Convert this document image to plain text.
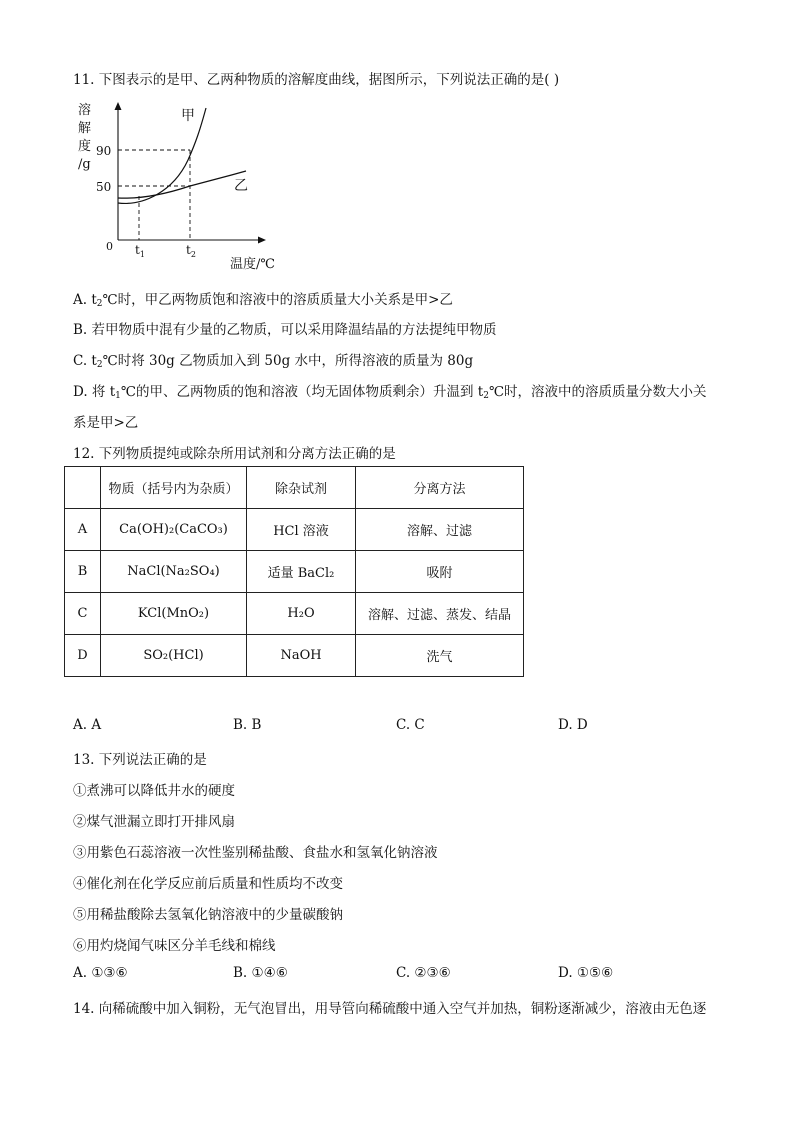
11. 下图表示的是甲、乙两种物质的溶解度曲线，据图所示，下列说法正确的是( )
溶
解
度
/g
90
50
0 $t_1$	$t_2$
甲
乙
温度/℃
A. $t_2℃$时，甲乙两物质饱和溶液中的溶质质量大小关系是甲>乙
B. 若甲物质中混有少量的乙物质，可以采用降温结晶的方法提纯甲物质
C. $t_2℃$时将 30g 乙物质加入到 50g 水中，所得溶液的质量为 80g
D. 将 $t_1℃$的甲、乙两物质的饱和溶液（均无固体物质剩余）升温到 $t_2℃$时，溶液中的溶质质量分数大小关
系是甲>乙
12. 下列物质提纯或除杂所用试剂和分离方法正确的是
	物质（括号内为杂质）	除杂试剂	分离方法
A	Ca(OH)₂(CaCO₃)	HCl 溶液	溶解、过滤
B	NaCl(Na₂SO₄)	适量 BaCl₂	吸附
C	KCl(MnO₂)	H₂O	溶解、过滤、蒸发、结晶
D	SO₂(HCl)	NaOH	洗气
A. A	B. B	C. C	D. D
13. 下列说法正确的是
①煮沸可以降低井水的硬度
②煤气泄漏立即打开排风扇
③用紫色石蕊溶液一次性鉴别稀盐酸、食盐水和氢氧化钠溶液
④催化剂在化学反应前后质量和性质均不改变
⑤用稀盐酸除去氢氧化钠溶液中的少量碳酸钠
⑥用灼烧闻气味区分羊毛线和棉线
A. ①③⑥	B. ①④⑥	C. ②③⑥	D. ①⑤⑥
14. 向稀硫酸中加入铜粉，无气泡冒出，用导管向稀硫酸中通入空气并加热，铜粉逐渐减少，溶液由无色逐
